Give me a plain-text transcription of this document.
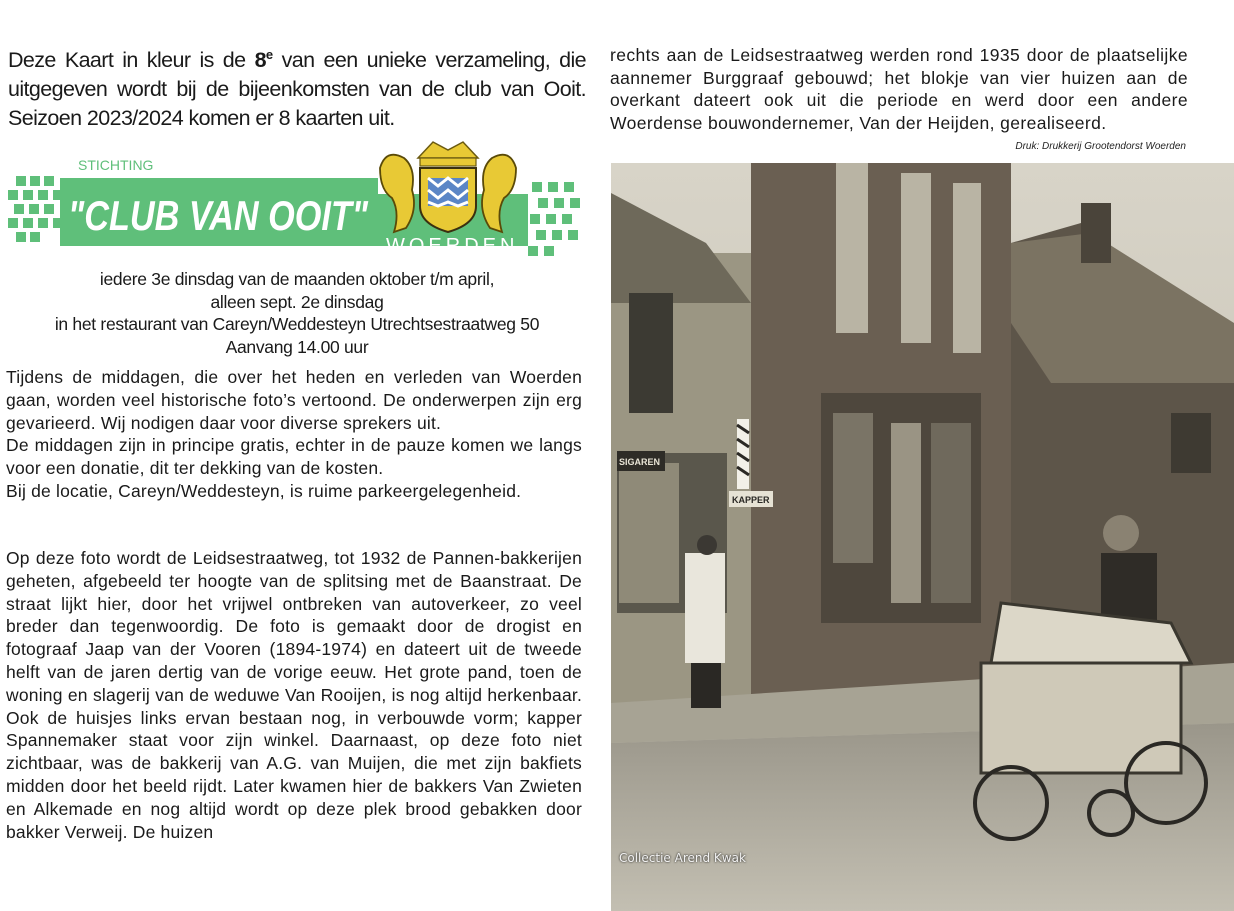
Deze Kaart in kleur is de 8e van een unieke verzameling, die uitgegeven wordt bij de bijeenkomsten van de club van Ooit. Seizoen 2023/2024 komen er 8 kaarten uit.
STICHTING
"CLUB VAN OOIT"
WOERDEN
iedere 3e dinsdag van de maanden oktober t/m april,
alleen sept. 2e dinsdag
in het restaurant van Careyn/Weddesteyn Utrechtsestraatweg 50
Aanvang 14.00 uur

Tijdens de middagen, die over het heden en verleden van Woerden gaan, worden veel historische foto’s vertoond. De onderwerpen zijn erg gevarieerd. Wij nodigen daar voor diverse sprekers uit.

De middagen zijn in principe gratis, echter in de pauze komen we langs voor een donatie, dit ter dekking van de kosten.

Bij de locatie, Careyn/Weddesteyn, is ruime parkeergelegenheid.

Op deze foto wordt de Leidsestraatweg, tot 1932 de Pannen-bakkerijen geheten, afgebeeld ter hoogte van de splitsing met de Baanstraat. De straat lijkt hier, door het vrijwel ontbreken van autoverkeer, zo veel breder dan tegenwoordig. De foto is gemaakt door de drogist en fotograaf Jaap van der Vooren (1894-1974) en dateert uit de tweede helft van de jaren dertig van de vorige eeuw. Het grote pand, toen de woning en slagerij van de weduwe Van Rooijen, is nog altijd herkenbaar. Ook de huisjes links ervan bestaan nog, in verbouwde vorm; kapper Spannemaker staat voor zijn winkel. Daarnaast, op deze foto niet zichtbaar, was de bakkerij van A.G. van Muijen, die met zijn bakfiets midden door het beeld rijdt. Later kwamen hier de bakkers Van Zwieten en Alkemade en nog altijd wordt op deze plek brood gebakken door bakker Verweij. De huizen

rechts aan de Leidsestraatweg werden rond 1935 door de plaatselijke aannemer Burggraaf gebouwd; het blokje van vier huizen aan de overkant dateert ook uit die periode en werd door een andere Woerdense bouwondernemer, Van der Heijden, gerealiseerd.
Druk: Drukkerij Grootendorst Woerden
SIGAREN
KAPPER
Collectie Arend Kwak
